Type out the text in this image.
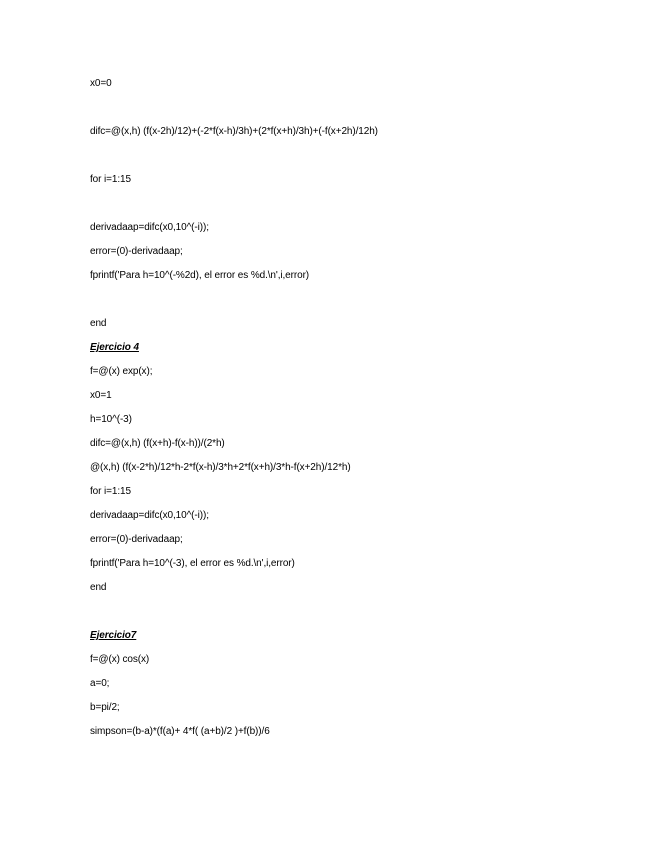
x0=0
difc=@(x,h) (f(x-2h)/12)+(-2*f(x-h)/3h)+(2*f(x+h)/3h)+(-f(x+2h)/12h)
for i=1:15
derivadaap=difc(x0,10^(-i));
error=(0)-derivadaap;
fprintf('Para h=10^(-%2d), el error es %d.\n',i,error)
end
Ejercicio 4
f=@(x) exp(x);
x0=1
h=10^(-3)
difc=@(x,h) (f(x+h)-f(x-h))/(2*h)
@(x,h) (f(x-2*h)/12*h-2*f(x-h)/3*h+2*f(x+h)/3*h-f(x+2h)/12*h)
for i=1:15
derivadaap=difc(x0,10^(-i));
error=(0)-derivadaap;
fprintf('Para h=10^(-3), el error es %d.\n',i,error)
end
Ejercicio7
f=@(x) cos(x)
a=0;
b=pi/2;
simpson=(b-a)*(f(a)+ 4*f( (a+b)/2 )+f(b))/6
